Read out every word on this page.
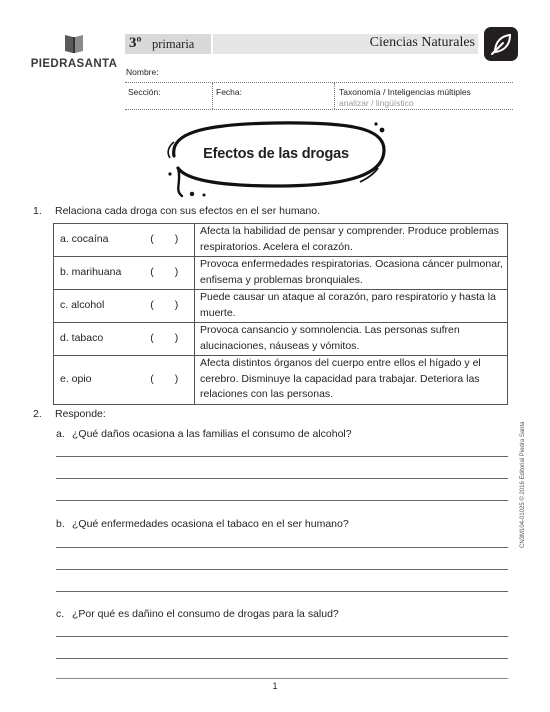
PIEDRASANTA
3º primaria	Ciencias Naturales
Nombre:
Sección:	Fecha:	Taxonomía / Inteligencias múltiples
analizar / lingüístico
Efectos de las drogas
1. Relaciona cada droga con sus efectos en el ser humano.
a. cocaína	(  )	Afecta la habilidad de pensar y comprender. Produce problemas respiratorios. Acelera el corazón.
b. marihuana	(  )	Provoca enfermedades respiratorias. Ocasiona cáncer pulmonar, enfisema y problemas bronquiales.
c. alcohol	(  )	Puede causar un ataque al corazón, paro respiratorio y hasta la muerte.
d. tabaco	(  )	Provoca cansancio y somnolencia. Las personas sufren alucinaciones, náuseas y vómitos.
e. opio	(  )	Afecta distintos órganos del cuerpo entre ellos el hígado y el cerebro. Disminuye la capacidad para trabajar. Deteriora las relaciones con las personas.
2. Responde:
a. ¿Qué daños ocasiona a las familias el consumo de alcohol?
b. ¿Qué enfermedades ocasiona el tabaco en el ser humano?
c. ¿Por qué es dañino el consumo de drogas para la salud?
1
CN3M104-01025 © 2016 Editorial Piedra Santa
